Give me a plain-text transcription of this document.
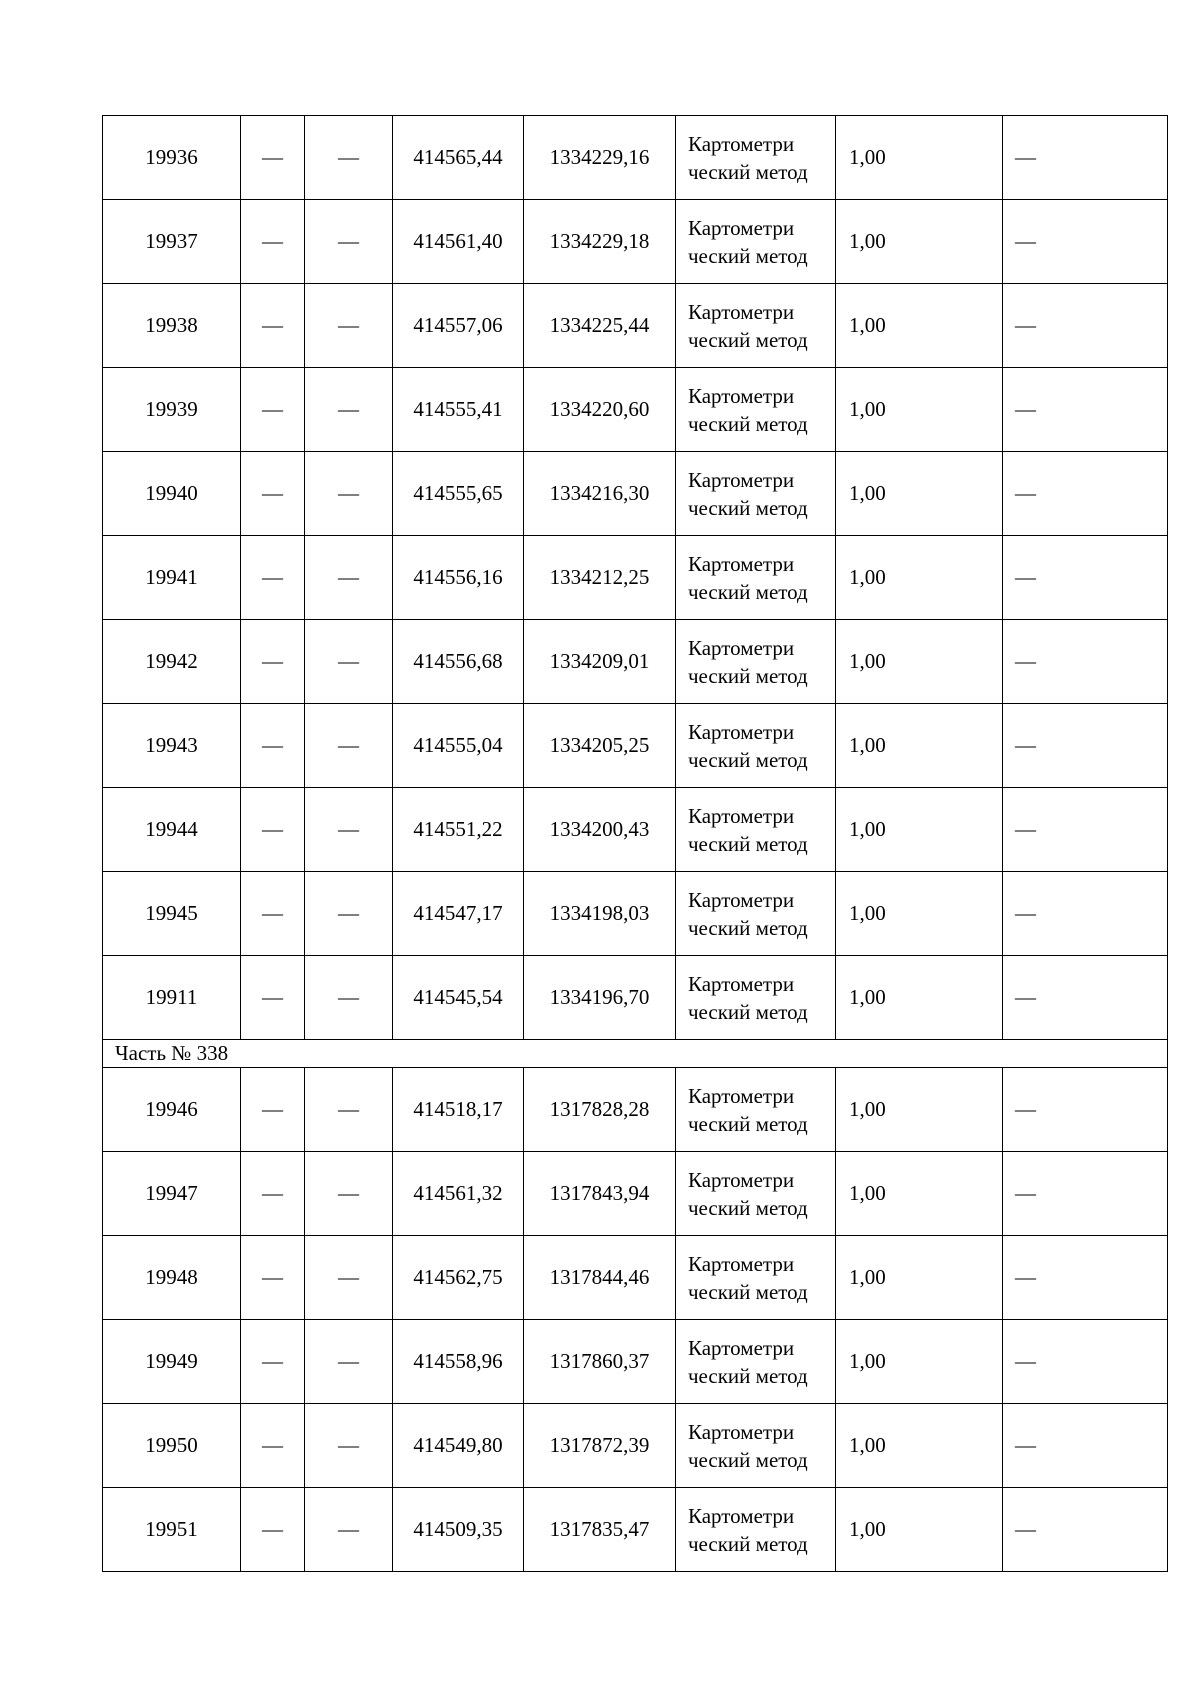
19936	—	—	414565,44	1334229,16	Картометри ческий метод	1,00	—
19937	—	—	414561,40	1334229,18	Картометри ческий метод	1,00	—
19938	—	—	414557,06	1334225,44	Картометри ческий метод	1,00	—
19939	—	—	414555,41	1334220,60	Картометри ческий метод	1,00	—
19940	—	—	414555,65	1334216,30	Картометри ческий метод	1,00	—
19941	—	—	414556,16	1334212,25	Картометри ческий метод	1,00	—
19942	—	—	414556,68	1334209,01	Картометри ческий метод	1,00	—
19943	—	—	414555,04	1334205,25	Картометри ческий метод	1,00	—
19944	—	—	414551,22	1334200,43	Картометри ческий метод	1,00	—
19945	—	—	414547,17	1334198,03	Картометри ческий метод	1,00	—
19911	—	—	414545,54	1334196,70	Картометри ческий метод	1,00	—
Часть № 338							
19946	—	—	414518,17	1317828,28	Картометри ческий метод	1,00	—
19947	—	—	414561,32	1317843,94	Картометри ческий метод	1,00	—
19948	—	—	414562,75	1317844,46	Картометри ческий метод	1,00	—
19949	—	—	414558,96	1317860,37	Картометри ческий метод	1,00	—
19950	—	—	414549,80	1317872,39	Картометри ческий метод	1,00	—
19951	—	—	414509,35	1317835,47	Картометри ческий метод	1,00	—
